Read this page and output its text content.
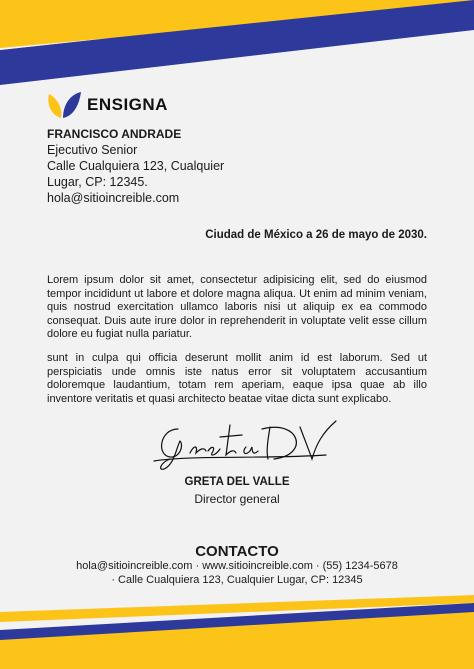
ENSIGNA
FRANCISCO ANDRADE
Ejecutivo Senior
Calle Cualquiera 123, Cualquier
Lugar, CP: 12345.
hola@sitioincreible.com
Ciudad de México a 26 de mayo de 2030.
Lorem ipsum dolor sit amet, consectetur adipisicing elit, sed do eiusmod tempor incididunt ut labore et dolore magna aliqua. Ut enim ad minim veniam, quis nostrud exercitation ullamco laboris nisi ut aliquip ex ea commodo consequat. Duis aute irure dolor in reprehenderit in voluptate velit esse cillum dolore eu fugiat nulla pariatur.
sunt in culpa qui officia deserunt mollit anim id est laborum. Sed ut perspiciatis unde omnis iste natus error sit voluptatem accusantium doloremque laudantium, totam rem aperiam, eaque ipsa quae ab illo inventore veritatis et quasi architecto beatae vitae dicta sunt explicabo.
GRETA DEL VALLE
Director general
CONTACTO
hola@sitioincreible.com · www.sitioincreible.com · (55) 1234-5678
· Calle Cualquiera 123, Cualquier Lugar, CP: 12345
